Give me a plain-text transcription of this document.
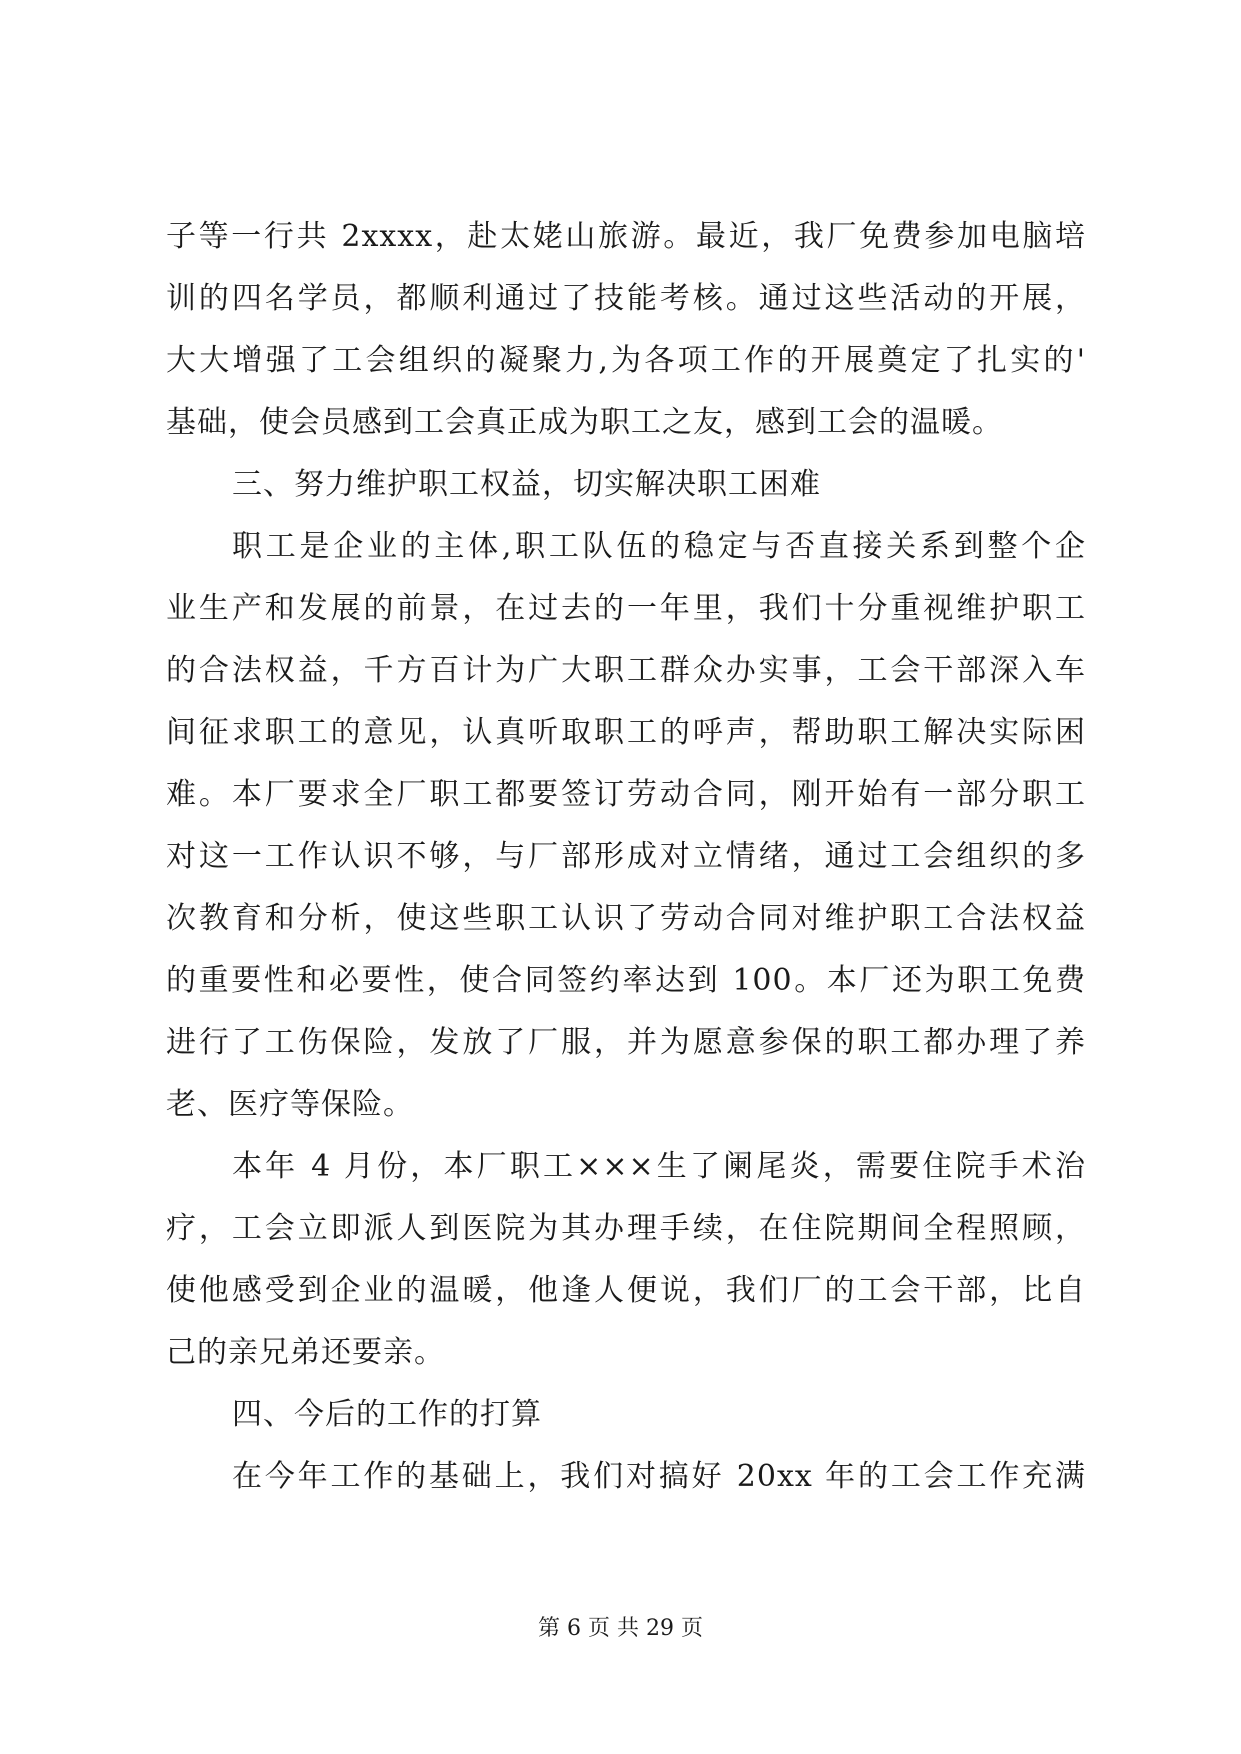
子等一行共 2xxxx，赴太姥山旅游。最近，我厂免费参加电脑培
训的四名学员，都顺利通过了技能考核。通过这些活动的开展，
大大增强了工会组织的凝聚力,为各项工作的开展奠定了扎实的'
基础，使会员感到工会真正成为职工之友，感到工会的温暖。
三、努力维护职工权益，切实解决职工困难
职工是企业的主体,职工队伍的稳定与否直接关系到整个企
业生产和发展的前景，在过去的一年里，我们十分重视维护职工
的合法权益，千方百计为广大职工群众办实事，工会干部深入车
间征求职工的意见，认真听取职工的呼声，帮助职工解决实际困
难。本厂要求全厂职工都要签订劳动合同，刚开始有一部分职工
对这一工作认识不够，与厂部形成对立情绪，通过工会组织的多
次教育和分析，使这些职工认识了劳动合同对维护职工合法权益
的重要性和必要性，使合同签约率达到 100。本厂还为职工免费
进行了工伤保险，发放了厂服，并为愿意参保的职工都办理了养
老、医疗等保险。
本年 4 月份，本厂职工×××生了阑尾炎，需要住院手术治
疗，工会立即派人到医院为其办理手续，在住院期间全程照顾，
使他感受到企业的温暖，他逢人便说，我们厂的工会干部，比自
己的亲兄弟还要亲。
四、今后的工作的打算
在今年工作的基础上，我们对搞好 20xx 年的工会工作充满
第 6 页 共 29 页
